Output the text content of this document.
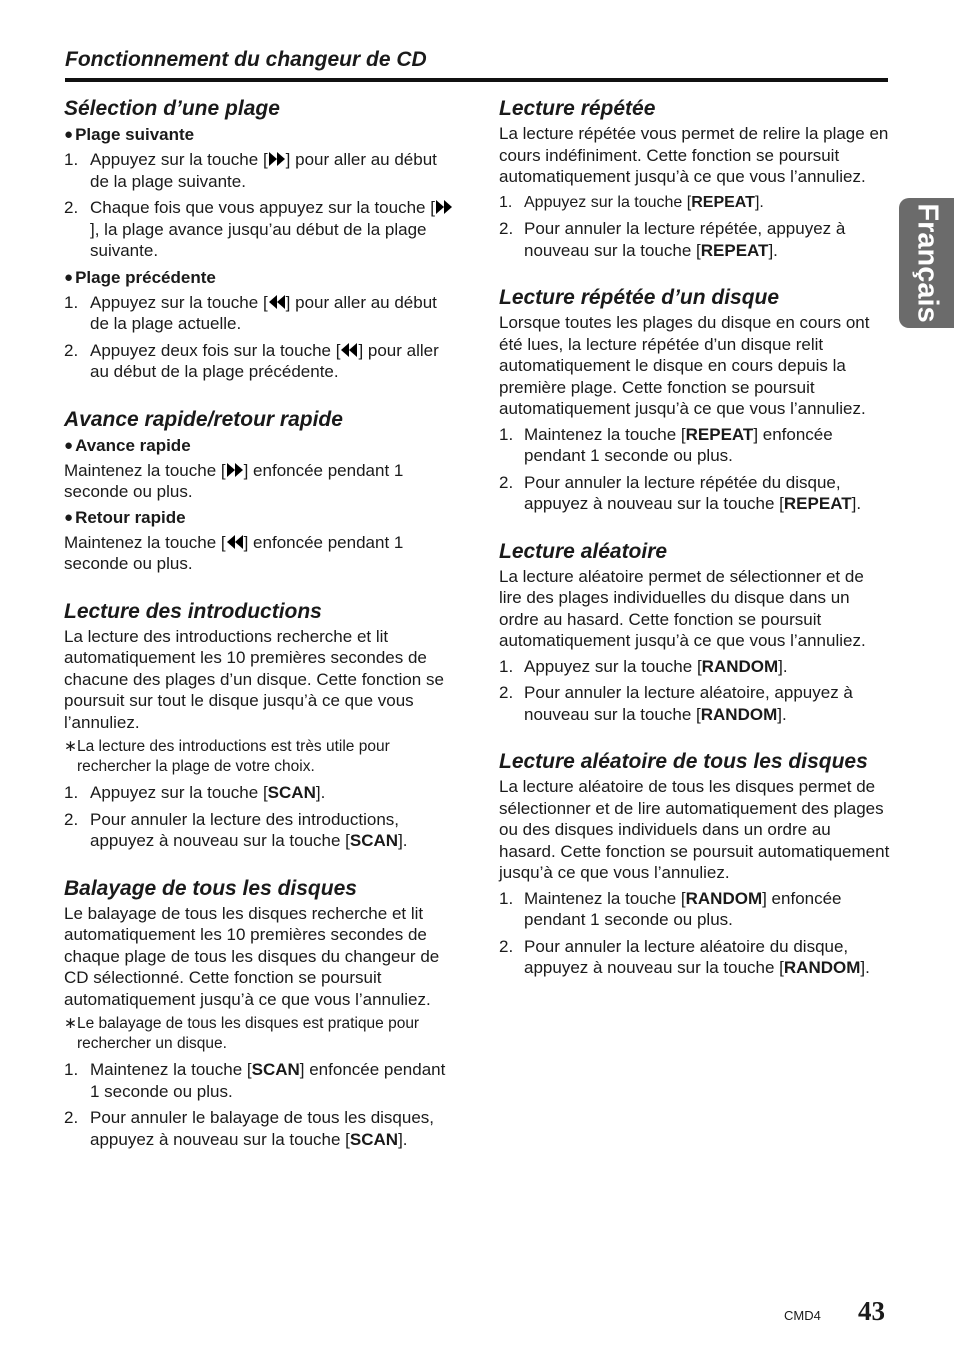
Fonctionnement du changeur de CD
Français
Sélection d’une plage
● Plage suivante
1. Appuyez sur la touche [ ] pour aller au début de la plage suivante.
2. Chaque fois que vous appuyez sur la touche [], la plage avance jusqu’au début de la plage suivante.
● Plage précédente
1. Appuyez sur la touche [ ] pour aller au début de la plage actuelle.
2. Appuyez deux fois sur la touche [ ] pour aller au début de la plage précédente.
Avance rapide/retour rapide
● Avance rapide
Maintenez la touche [ ] enfoncée pendant 1 seconde ou plus.
● Retour rapide
Maintenez la touche [ ] enfoncée pendant 1 seconde ou plus.
Lecture des introductions
La lecture des introductions recherche et lit automatiquement les 10 premières secondes de chacune des plages d’un disque. Cette fonction se poursuit sur tout le disque jusqu’à ce que vous l’annuliez.
∗ La lecture des introductions est très utile pour rechercher la plage de votre choix.
1. Appuyez sur la touche [SCAN].
2. Pour annuler la lecture des introductions, appuyez à nouveau sur la touche [SCAN].
Balayage de tous les disques
Le balayage de tous les disques recherche et lit automatiquement les 10 premières secondes de chaque plage de tous les disques du changeur de CD sélectionné. Cette fonction se poursuit automatiquement jusqu’à ce que vous l’annuliez.
∗ Le balayage de tous les disques est pratique pour rechercher un disque.
1. Maintenez la touche [SCAN] enfoncée pendant 1 seconde ou plus.
2. Pour annuler le balayage de tous les disques, appuyez à nouveau sur la touche [SCAN].
Lecture répétée
La lecture répétée vous permet de relire la plage en cours indéfiniment. Cette fonction se poursuit automatiquement jusqu’à ce que vous l’annuliez.
1. Appuyez sur la touche [REPEAT].
2. Pour annuler la lecture répétée, appuyez à nouveau sur la touche [REPEAT].
Lecture répétée d’un disque
Lorsque toutes les plages du disque en cours ont été lues, la lecture répétée d’un disque relit automatiquement le disque en cours depuis la première plage. Cette fonction se poursuit automatiquement jusqu’à ce que vous l’annuliez.
1. Maintenez la touche [REPEAT] enfoncée pendant 1 seconde ou plus.
2. Pour annuler la lecture répétée du disque, appuyez à nouveau sur la touche [REPEAT].
Lecture aléatoire
La lecture aléatoire permet de sélectionner et de lire des plages individuelles du disque dans un ordre au hasard. Cette fonction se poursuit automatiquement jusqu’à ce que vous l’annuliez.
1. Appuyez sur la touche [RANDOM].
2. Pour annuler la lecture aléatoire, appuyez à nouveau sur la touche [RANDOM].
Lecture aléatoire de tous les disques
La lecture aléatoire de tous les disques permet de sélectionner et de lire automatiquement des plages ou des disques individuels dans un ordre au hasard. Cette fonction se poursuit automatiquement jusqu’à ce que vous l’annuliez.
1. Maintenez la touche [RANDOM] enfoncée pendant 1 seconde ou plus.
2. Pour annuler la lecture aléatoire du disque, appuyez à nouveau sur la touche [RANDOM].
CMD4 43
